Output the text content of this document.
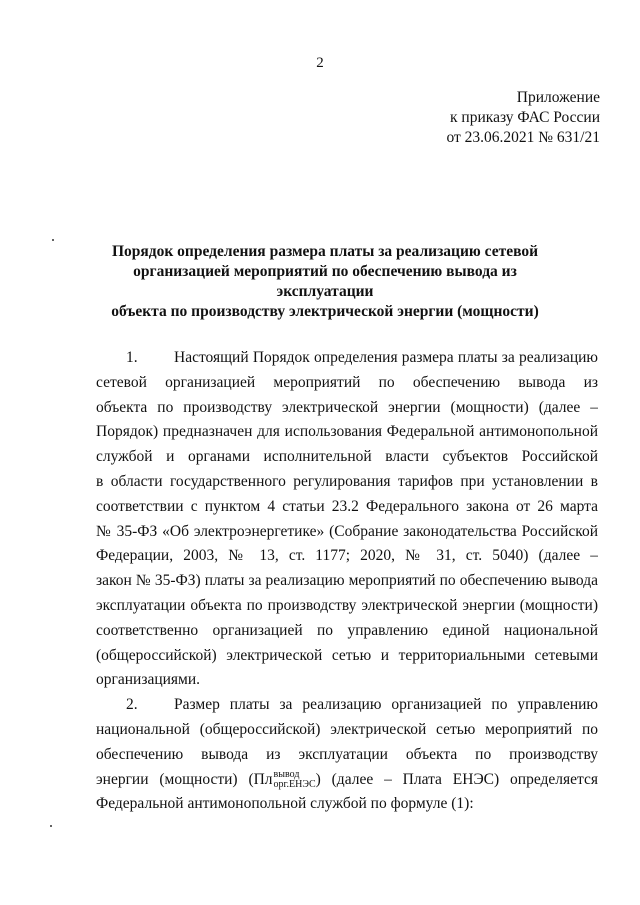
2
Приложение
к приказу ФАС России
от 23.06.2021 № 631/21
Порядок определения размера платы за реализацию сетевой
организацией мероприятий по обеспечению вывода из эксплуатации
объекта по производству электрической энергии (мощности)
1. Настоящий Порядок определения размера платы за реализацию
сетевой организацией мероприятий по обеспечению вывода из
объекта по производству электрической энергии (мощности) (далее –
Порядок) предназначен для использования Федеральной антимонопольной
службой и органами исполнительной власти субъектов Российской
в области государственного регулирования тарифов при установлении в
соответствии с пунктом 4 статьи 23.2 Федерального закона от 26 марта
№ 35-ФЗ «Об электроэнергетике» (Собрание законодательства Российской
Федерации, 2003, № 13, ст. 1177; 2020, № 31, ст. 5040) (далее –
закон № 35-ФЗ) платы за реализацию мероприятий по обеспечению вывода
эксплуатации объекта по производству электрической энергии (мощности)
соответственно организацией по управлению единой национальной
(общероссийской) электрической сетью и территориальными сетевыми
организациями.
2. Размер платы за реализацию организацией по управлению
национальной (общероссийской) электрической сетью мероприятий по
обеспечению вывода из эксплуатации объекта по производству
энергии (мощности) (Пл вывод
орг.ЕНЭС ) (далее – Плата ЕНЭС) определяется
Федеральной антимонопольной службой по формуле (1):
